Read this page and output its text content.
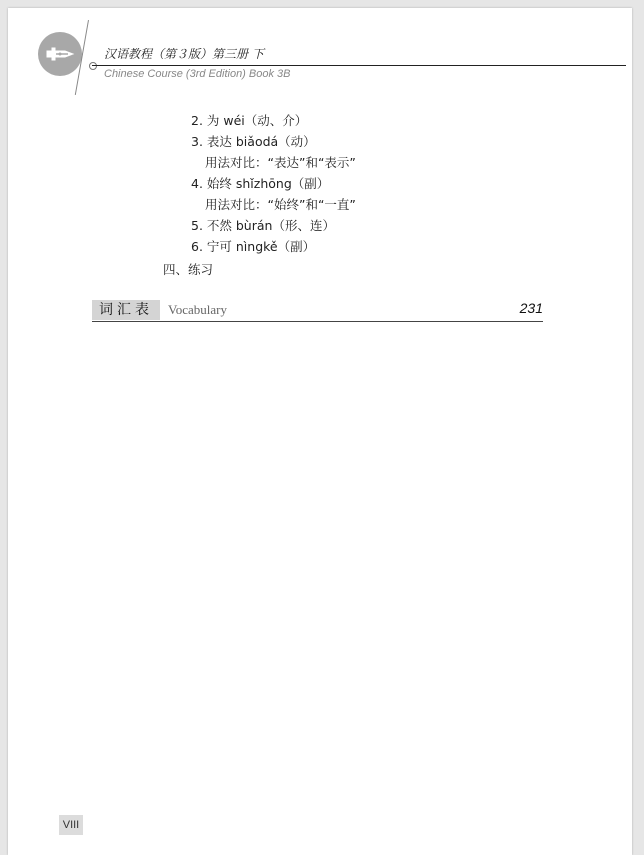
汉语教程（第３版）第三册 下
Chinese Course (3rd Edition) Book 3B
2. 为 wéi（动、介）
3. 表达 biǎodá（动）
用法对比：“表达”和“表示”
4. 始终 shǐzhōng（副）
用法对比：“始终”和“一直”
5. 不然 bùrán（形、连）
6. 宁可 nìngkě（副）
四、练习
词汇表	Vocabulary	231
VIII
